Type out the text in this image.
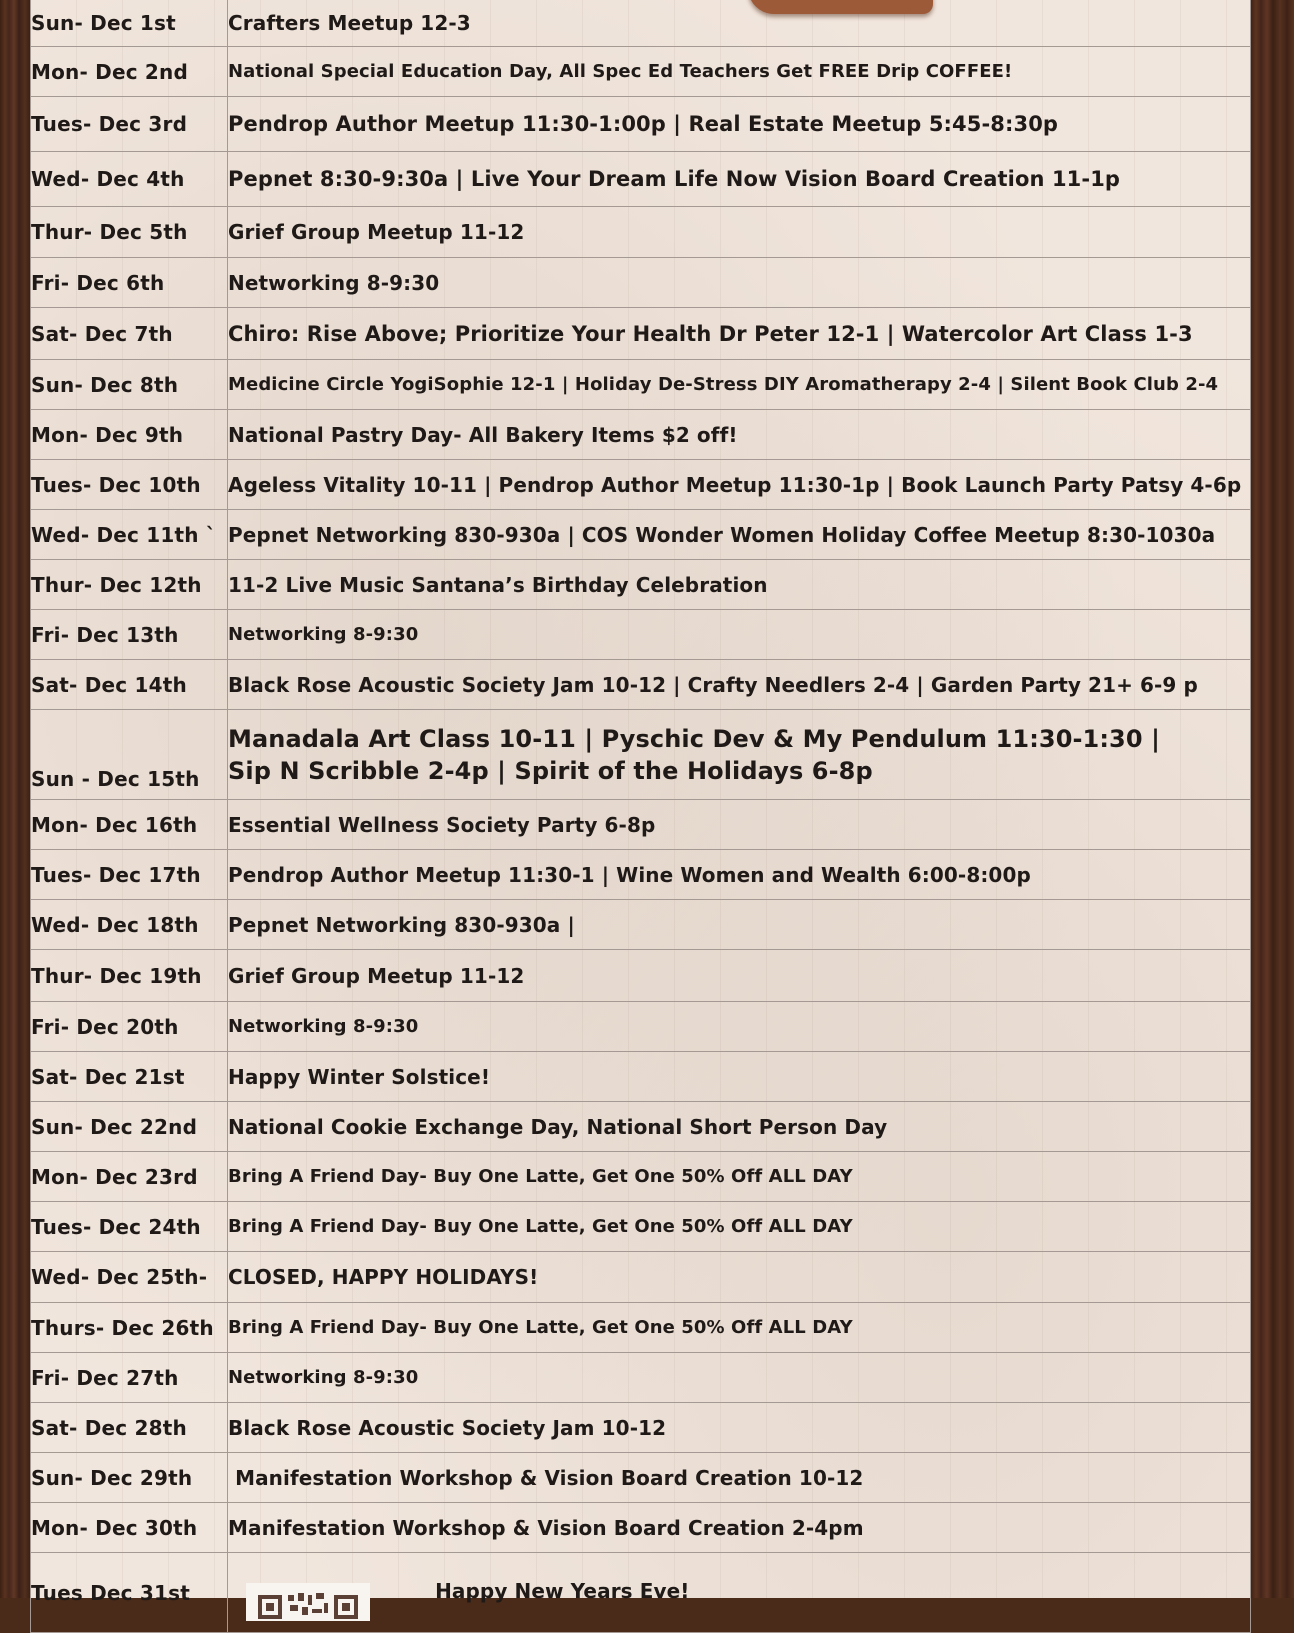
Sun- Dec 1st	Crafters Meetup 12-3
Mon- Dec 2nd	National Special Education Day, All Spec Ed Teachers Get FREE Drip COFFEE!
Tues- Dec 3rd	Pendrop Author Meetup 11:30-1:00p | Real Estate Meetup 5:45-8:30p
Wed- Dec 4th	Pepnet 8:30-9:30a | Live Your Dream Life Now Vision Board Creation 11-1p
Thur- Dec 5th	Grief Group Meetup 11-12
Fri- Dec 6th	Networking 8-9:30
Sat- Dec 7th	Chiro: Rise Above; Prioritize Your Health Dr Peter 12-1 | Watercolor Art Class 1-3
Sun- Dec 8th	Medicine Circle YogiSophie 12-1 | Holiday De-Stress DIY Aromatherapy 2-4 | Silent Book Club 2-4
Mon- Dec 9th	National Pastry Day- All Bakery Items $2 off!
Tues- Dec 10th	Ageless Vitality 10-11 | Pendrop Author Meetup 11:30-1p | Book Launch Party Patsy 4-6p
Wed- Dec 11th `	Pepnet Networking 830-930a | COS Wonder Women Holiday Coffee Meetup 8:30-1030a
Thur- Dec 12th	11-2 Live Music Santana’s Birthday Celebration
Fri- Dec 13th	Networking 8-9:30
Sat- Dec 14th	Black Rose Acoustic Society Jam 10-12 | Crafty Needlers 2-4 | Garden Party 21+ 6-9 p
Sun - Dec 15th	Manadala Art Class 10-11 | Pyschic Dev & My Pendulum 11:30-1:30 | Sip N Scribble 2-4p | Spirit of the Holidays 6-8p
Mon- Dec 16th	Essential Wellness Society Party 6-8p
Tues- Dec 17th	Pendrop Author Meetup 11:30-1 | Wine Women and Wealth 6:00-8:00p
Wed- Dec 18th	Pepnet Networking 830-930a |
Thur- Dec 19th	Grief Group Meetup 11-12
Fri- Dec 20th	Networking 8-9:30
Sat- Dec 21st	Happy Winter Solstice!
Sun- Dec 22nd	National Cookie Exchange Day, National Short Person Day
Mon- Dec 23rd	Bring A Friend Day- Buy One Latte, Get One 50% Off ALL DAY
Tues- Dec 24th	Bring A Friend Day- Buy One Latte, Get One 50% Off ALL DAY
Wed- Dec 25th-	CLOSED, HAPPY HOLIDAYS!
Thurs- Dec 26th	Bring A Friend Day- Buy One Latte, Get One 50% Off ALL DAY
Fri- Dec 27th	Networking 8-9:30
Sat- Dec 28th	Black Rose Acoustic Society Jam 10-12
Sun- Dec 29th	Manifestation Workshop & Vision Board Creation 10-12
Mon- Dec 30th	Manifestation Workshop & Vision Board Creation 2-4pm
Tues Dec 31st	Happy New Years Eve!
